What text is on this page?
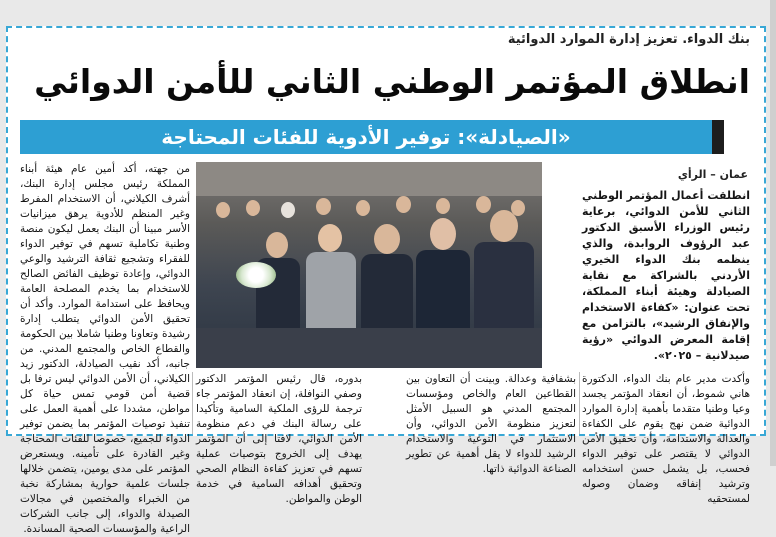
بنك الدواء. تعزيز إدارة الموارد الدوائية
انطلاق المؤتمر الوطني الثاني للأمن الدوائي
«الصيادلة»: توفير الأدوية للفئات المحتاجة
عمان – الرأي
انطلقت أعمال المؤتمر الوطني الثاني للأمن الدوائي، برعاية رئيس الوزراء الأسبق الدكتور عبد الرؤوف الروابدة، والذي ينظمه بنك الدواء الخيري الأردني بالشراكة مع نقابة الصيادلة وهيئة أبناء المملكة، تحت عنوان: «كفاءة الاستخدام والإنفاق الرشيد»، بالتزامن مع إقامة المعرض الدوائي «رؤية صيدلانية – ٢٠٢٥».
من جهته، أكد أمين عام هيئة أبناء المملكة رئيس مجلس إدارة البنك، أشرف الكيلاني، أن الاستخدام المفرط وغير المنظم للأدوية يرهق ميزانيات الأسر مبينا أن البنك يعمل ليكون منصة وطنية تكاملية تسهم في توفير الدواء للفقراء وتشجيع ثقافة الترشيد والوعي الدوائي، وإعادة توظيف الفائض الصالح للاستخدام بما يخدم المصلحة العامة ويحافظ على استدامة الموارد. وأكد أن تحقيق الأمن الدوائي يتطلب إدارة رشيدة وتعاونا وطنيا شاملا بين الحكومة والقطاع الخاص والمجتمع المدني. من جانبه، أكد نقيب الصيادلة، الدكتور زيد الكيلاني، أن الأمن الدوائي ليس ترفا بل قضية أمن قومي تمس حياة كل مواطن، مشددا على أهمية العمل على تنفيذ توصيات المؤتمر بما يضمن توفير الدواء للجميع، خصوصا للفئات المحتاجة وغير القادرة على تأمينه. ويستعرض المؤتمر على مدى يومين، يتضمن خلالها جلسات علمية حوارية بمشاركة نخبة من الخبراء والمختصين في مجالات الصيدلة والدواء، إلى جانب الشركات الراعية والمؤسسات الصحية المساندة.
وأكدت مدير عام بنك الدواء، الدكتورة هاني شموط، أن انعقاد المؤتمر يجسد وعيا وطنيا متقدما بأهمية إدارة الموارد الدوائية ضمن نهج يقوم على الكفاءة والعدالة والاستدامة، وأن تحقيق الأمن الدوائي لا يقتصر على توفير الدواء فحسب، بل يشمل حسن استخدامه وترشيد إنفاقه وضمان وصوله لمستحقيه
بشفافية وعدالة. وبينت أن التعاون بين القطاعين العام والخاص ومؤسسات المجتمع المدني هو السبيل الأمثل لتعزيز منظومة الأمن الدوائي، وأن الاستثمار في التوعية والاستخدام الرشيد للدواء لا يقل أهمية عن تطوير الصناعة الدوائية ذاتها.
بدوره، قال رئيس المؤتمر الدكتور وصفي النوافلة، إن انعقاد المؤتمر جاء ترجمة للرؤى الملكية السامية وتأكيدا على رسالة البنك في دعم منظومة الأمن الدوائي، لافتا إلى أن المؤتمر يهدف إلى الخروج بتوصيات عملية تسهم في تعزيز كفاءة النظام الصحي وتحقيق أهدافه السامية في خدمة الوطن والمواطن.
